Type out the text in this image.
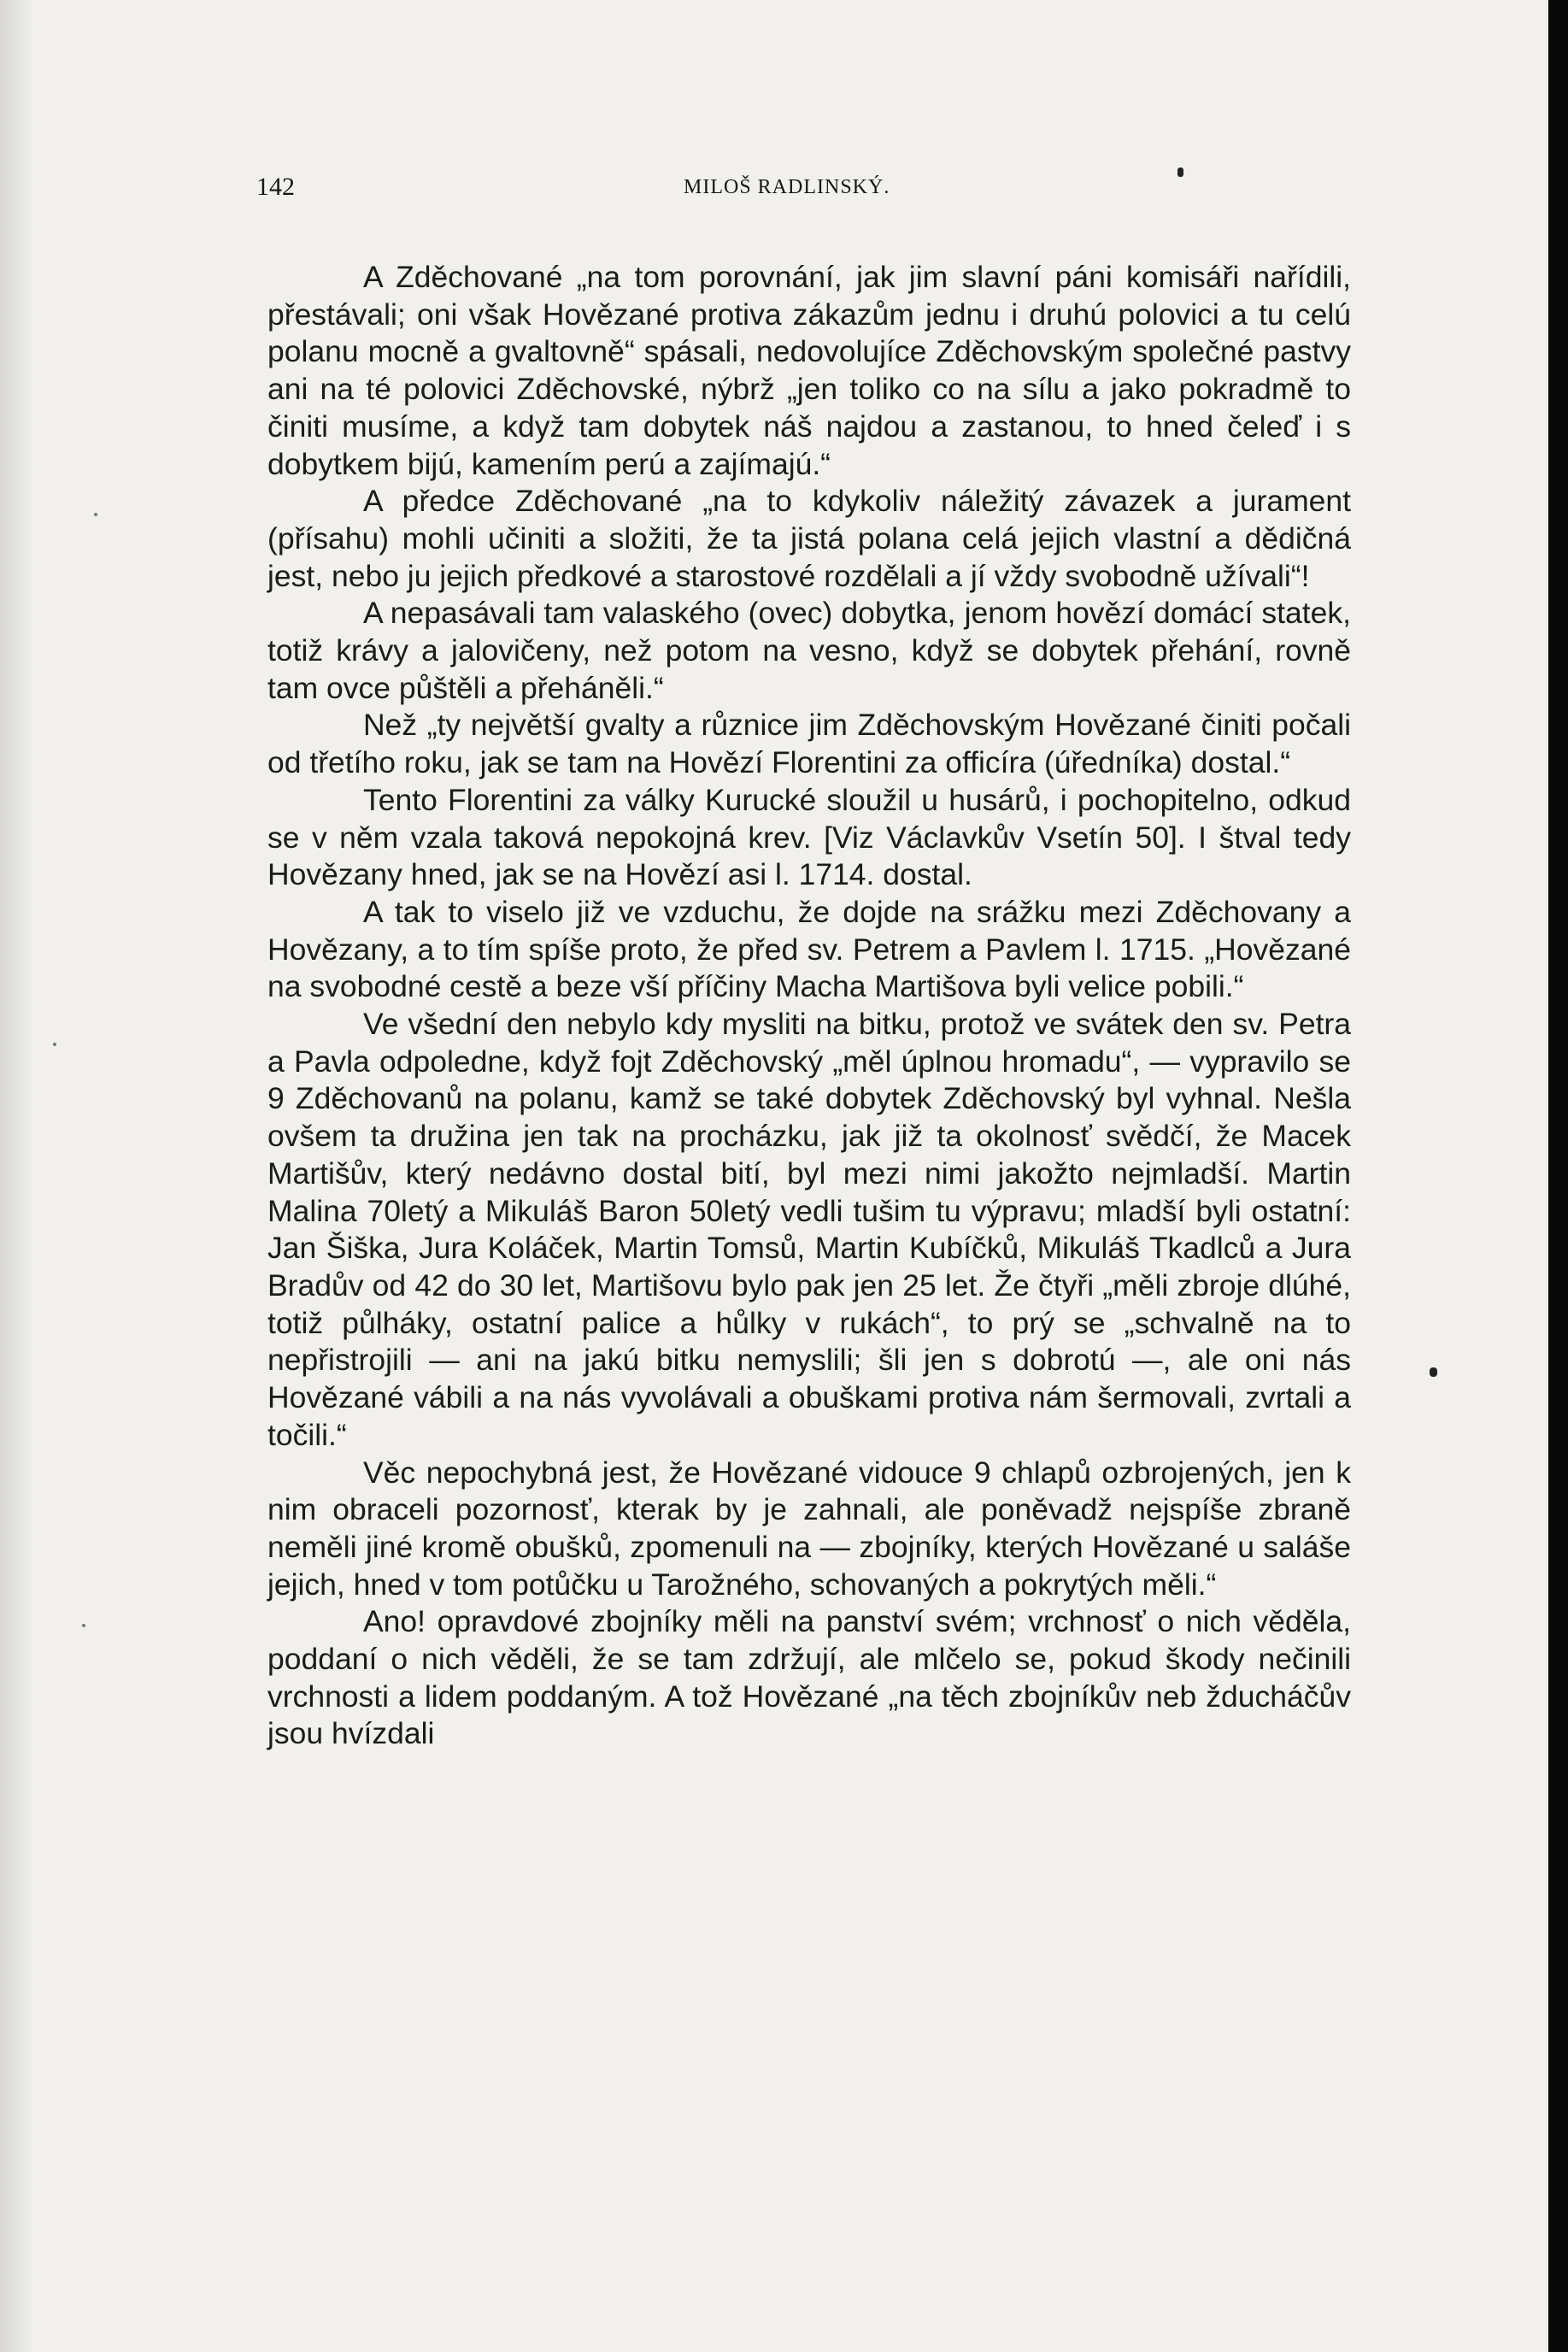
142	MILOŠ RADLINSKÝ.

A Zděchované „na tom porovnání, jak jim slavní páni komisáři nařídili, přestávali; oni však Hovězané protiva zákazům jednu i druhú polovici a tu celú polanu mocně a gvaltovně“ spásali, nedovolujíce Zděchovským společné pastvy ani na té polovici Zděchovské, nýbrž „jen toliko co na sílu a jako pokradmě to činiti musíme, a když tam dobytek náš najdou a zastanou, to hned čeleď i s dobytkem bijú, kamením perú a zajímajú.“

A předce Zděchované „na to kdykoliv náležitý závazek a jurament (přísahu) mohli učiniti a složiti, že ta jistá polana celá jejich vlastní a dědičná jest, nebo ju jejich předkové a starostové rozdělali a jí vždy svobodně užívali“!

A nepasávali tam valaského (ovec) dobytka, jenom hovězí domácí statek, totiž krávy a jalovičeny, než potom na vesno, když se dobytek přehání, rovně tam ovce půštěli a přeháněli.“

Než „ty největší gvalty a různice jim Zděchovským Hovězané činiti počali od třetího roku, jak se tam na Hovězí Florentini za officíra (úředníka) dostal.“

Tento Florentini za války Kurucké sloužil u husárů, i pochopitelno, odkud se v něm vzala taková nepokojná krev. [Viz Václavkův Vsetín 50]. I štval tedy Hovězany hned, jak se na Hovězí asi l. 1714. dostal.

A tak to viselo již ve vzduchu, že dojde na srážku mezi Zděchovany a Hovězany, a to tím spíše proto, že před sv. Petrem a Pavlem l. 1715. „Hovězané na svobodné cestě a beze vší příčiny Macha Martišova byli velice pobili.“

Ve všední den nebylo kdy mysliti na bitku, protož ve svátek den sv. Petra a Pavla odpoledne, když fojt Zděchovský „měl úplnou hromadu“, — vypravilo se 9 Zděchovanů na polanu, kamž se také dobytek Zděchovský byl vyhnal. Nešla ovšem ta družina jen tak na procházku, jak již ta okolnosť svědčí, že Macek Martišův, který nedávno dostal bití, byl mezi nimi jakožto nejmladší. Martin Malina 70letý a Mikuláš Baron 50letý vedli tušim tu výpravu; mladší byli ostatní: Jan Šiška, Jura Koláček, Martin Tomsů, Martin Kubíčků, Mikuláš Tkadlců a Jura Bradův od 42 do 30 let, Martišovu bylo pak jen 25 let. Že čtyři „měli zbroje dlúhé, totiž půlháky, ostatní palice a hůlky v rukách“, to prý se „schvalně na to nepřistrojili — ani na jakú bitku nemyslili; šli jen s dobrotú —, ale oni nás Hovězané vábili a na nás vyvolávali a obuškami protiva nám šermovali, zvrtali a točili.“

Věc nepochybná jest, že Hovězané vidouce 9 chlapů ozbrojených, jen k nim obraceli pozornosť, kterak by je zahnali, ale poněvadž nejspíše zbraně neměli jiné kromě obušků, zpomenuli na — zbojníky, kterých Hovězané u saláše jejich, hned v tom potůčku u Tarožného, schovaných a pokrytých měli.“

Ano! opravdové zbojníky měli na panství svém; vrchnosť o nich věděla, poddaní o nich věděli, že se tam zdržují, ale mlčelo se, pokud škody nečinili vrchnosti a lidem poddaným. A tož Hovězané „na těch zbojníkův neb žducháčův jsou hvízdali
